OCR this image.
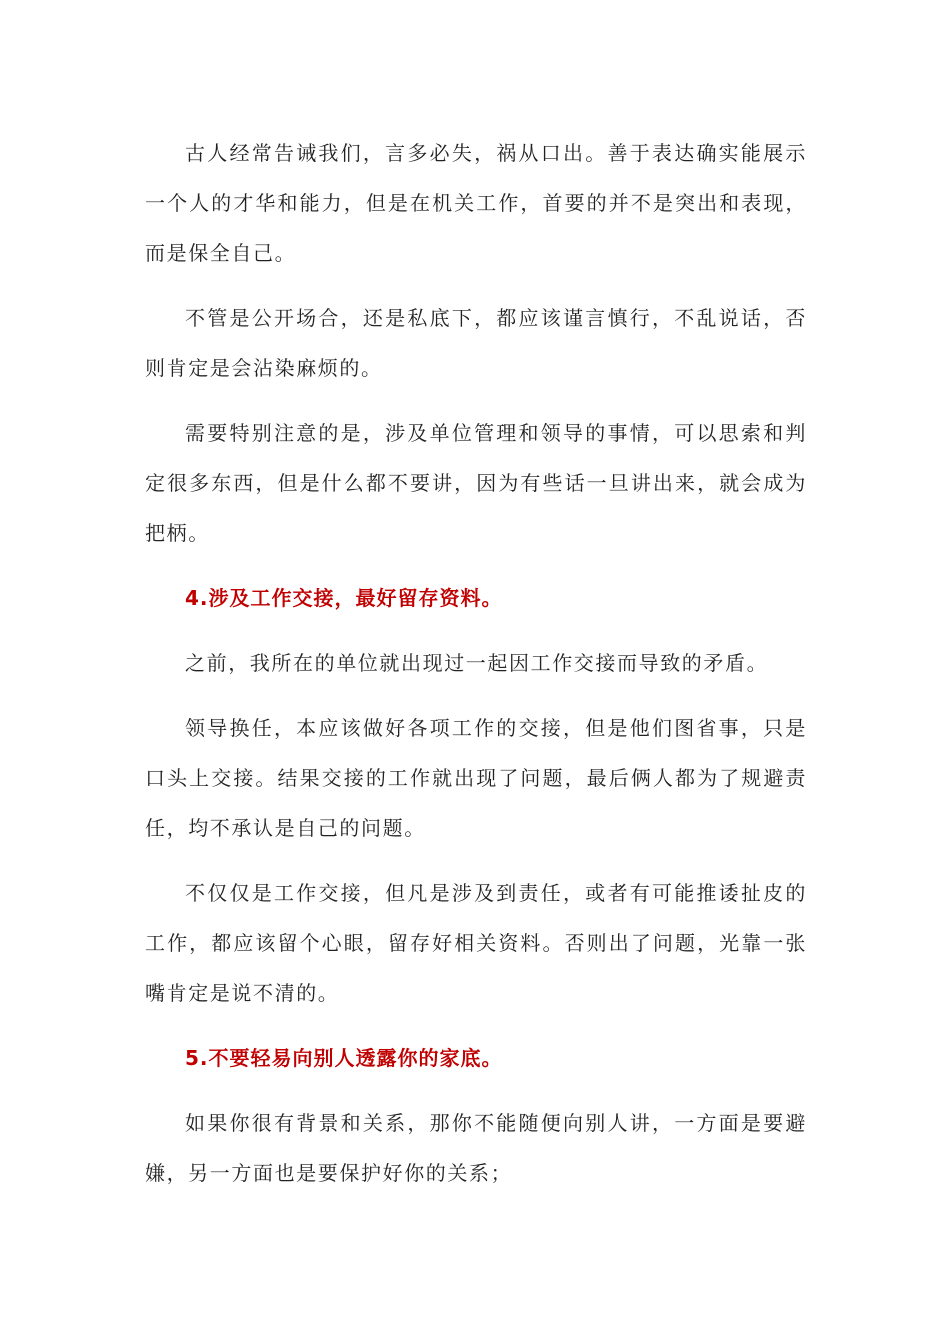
古人经常告诫我们，言多必失，祸从口出。善于表达确实能展示一个人的才华和能力，但是在机关工作，首要的并不是突出和表现，而是保全自己。

不管是公开场合，还是私底下，都应该谨言慎行，不乱说话，否则肯定是会沾染麻烦的。

需要特别注意的是，涉及单位管理和领导的事情，可以思索和判定很多东西，但是什么都不要讲，因为有些话一旦讲出来，就会成为把柄。

4.涉及工作交接，最好留存资料。

之前，我所在的单位就出现过一起因工作交接而导致的矛盾。

领导换任，本应该做好各项工作的交接，但是他们图省事，只是口头上交接。结果交接的工作就出现了问题，最后俩人都为了规避责任，均不承认是自己的问题。

不仅仅是工作交接，但凡是涉及到责任，或者有可能推诿扯皮的工作，都应该留个心眼，留存好相关资料。否则出了问题，光靠一张嘴肯定是说不清的。

5.不要轻易向别人透露你的家底。

如果你很有背景和关系，那你不能随便向别人讲，一方面是要避嫌，另一方面也是要保护好你的关系；
